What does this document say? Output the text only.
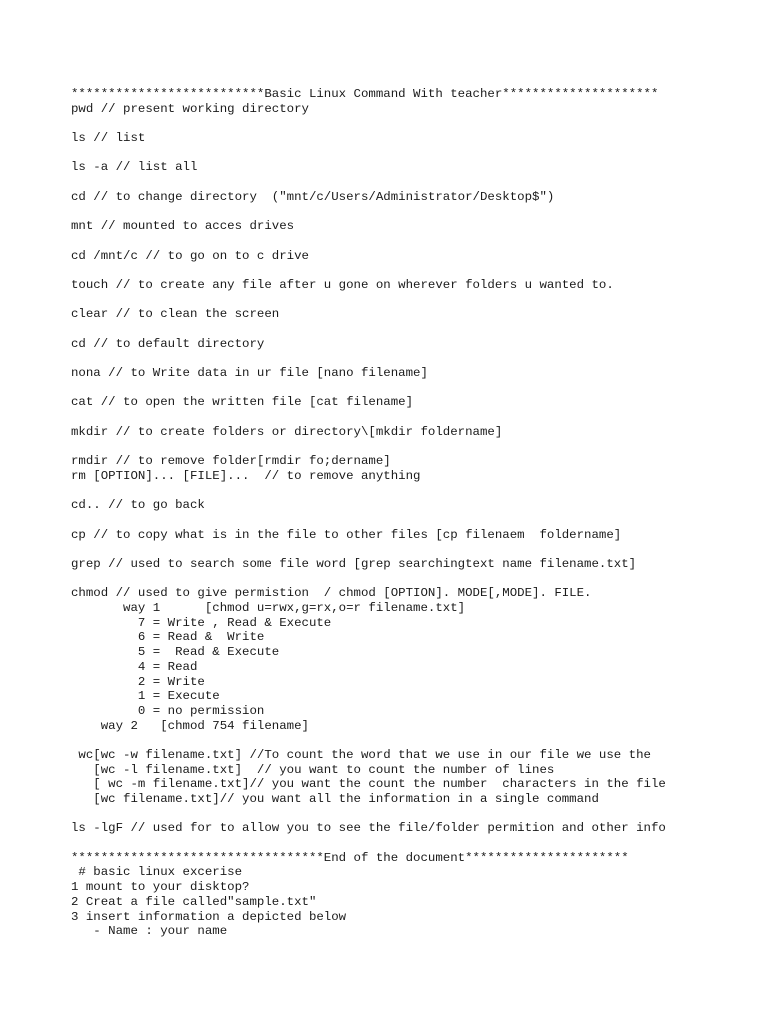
**************************Basic Linux Command With teacher*********************
pwd // present working directory
ls // list
ls -a // list all
cd // to change directory  ("mnt/c/Users/Administrator/Desktop$")
mnt // mounted to acces drives
cd /mnt/c // to go on to c drive
touch // to create any file after u gone on wherever folders u wanted to.
clear // to clean the screen
cd // to default directory
nona // to Write data in ur file [nano filename]
cat // to open the written file [cat filename]
mkdir // to create folders or directory\[mkdir foldername]
rmdir // to remove folder[rmdir fo;dername]
rm [OPTION]... [FILE]...  // to remove anything
cd.. // to go back
cp // to copy what is in the file to other files [cp filenaem  foldername]
grep // used to search some file word [grep searchingtext name filename.txt]
chmod // used to give permistion  / chmod [OPTION]. MODE[,MODE]. FILE.
way 1      [chmod u=rwx,g=rx,o=r filename.txt]
7 = Write , Read & Execute
6 = Read &  Write
5 =  Read & Execute
4 = Read
2 = Write
1 = Execute
0 = no permission
way 2   [chmod 754 filename]
wc[wc -w filename.txt] //To count the word that we use in our file we use the
[wc -l filename.txt]  // you want to count the number of lines
[ wc -m filename.txt]// you want the count the number  characters in the file
[wc filename.txt]// you want all the information in a single command
ls -lgF // used for to allow you to see the file/folder permition and other info
**********************************End of the document**********************
# basic linux excerise
1 mount to your disktop?
2 Creat a file called"sample.txt"
3 insert information a depicted below
- Name : your name
